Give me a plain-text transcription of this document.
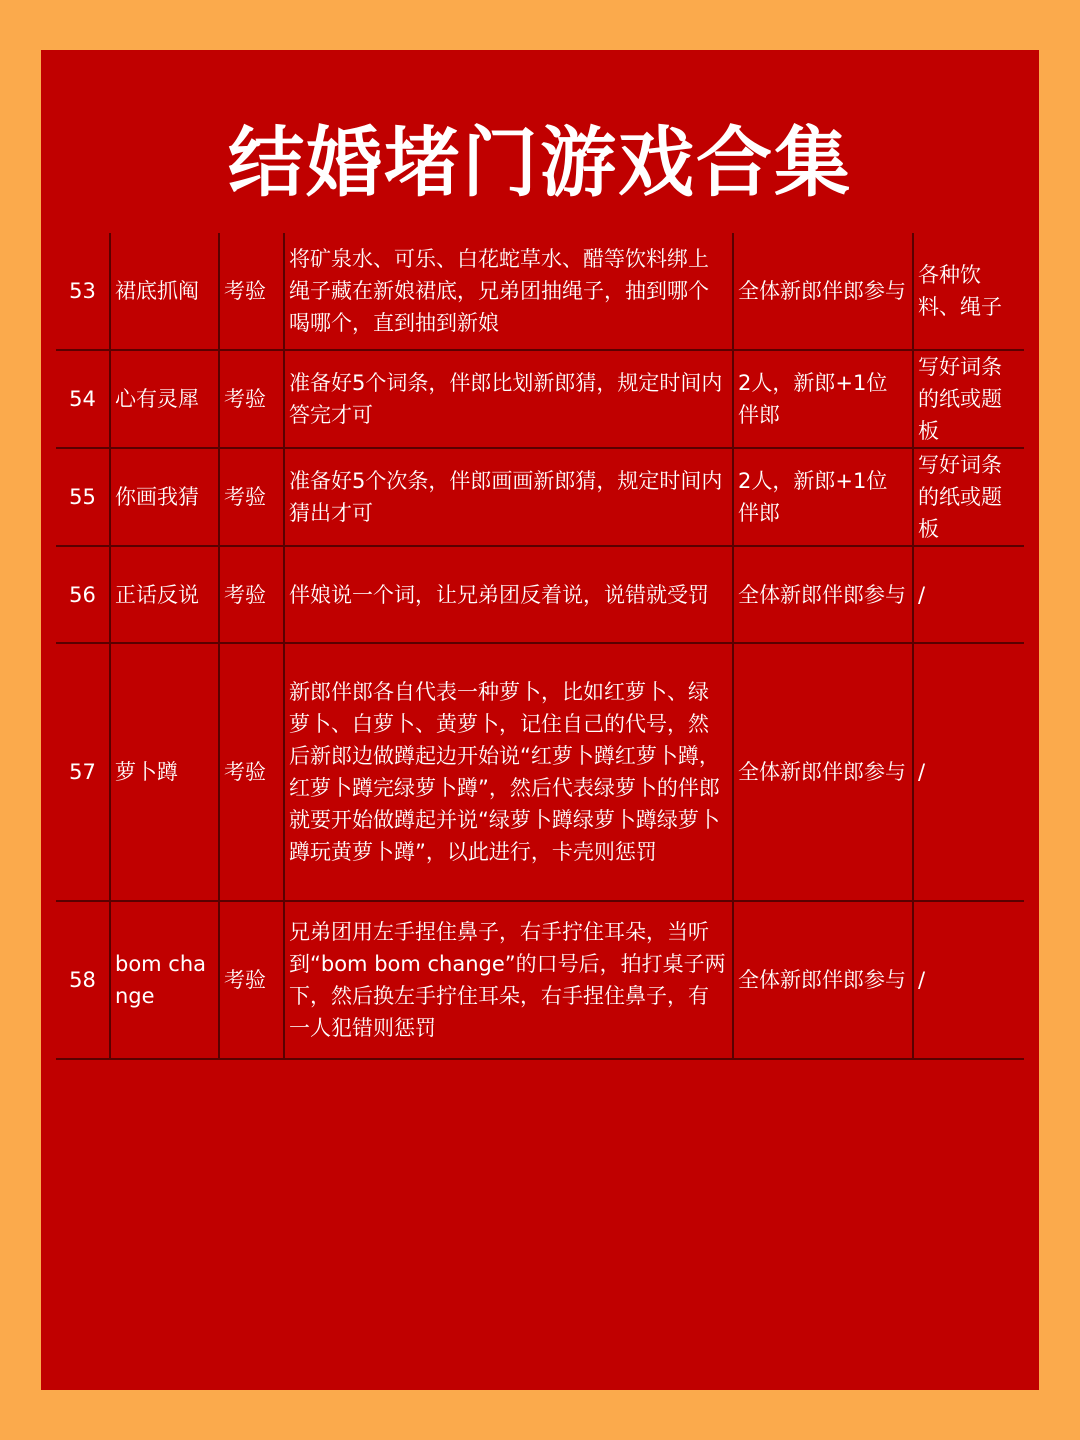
结婚堵门游戏合集
53	裙底抓阄	考验	将矿泉水、可乐、白花蛇草水、醋等饮料绑上绳子藏在新娘裙底，兄弟团抽绳子，抽到哪个喝哪个，直到抽到新娘	全体新郎伴郎参与	各种饮料、绳子
54	心有灵犀	考验	准备好5个词条，伴郎比划新郎猜，规定时间内答完才可	2人，新郎+1位伴郎	写好词条的纸或题板
55	你画我猜	考验	准备好5个次条，伴郎画画新郎猜，规定时间内猜出才可	2人，新郎+1位伴郎	写好词条的纸或题板
56	正话反说	考验	伴娘说一个词，让兄弟团反着说，说错就受罚	全体新郎伴郎参与	/
57	萝卜蹲	考验	新郎伴郎各自代表一种萝卜，比如红萝卜、绿萝卜、白萝卜、黄萝卜，记住自己的代号，然后新郎边做蹲起边开始说“红萝卜蹲红萝卜蹲，红萝卜蹲完绿萝卜蹲”，然后代表绿萝卜的伴郎就要开始做蹲起并说“绿萝卜蹲绿萝卜蹲绿萝卜蹲玩黄萝卜蹲”，以此进行，卡壳则惩罚	全体新郎伴郎参与	/
58	bom change	考验	兄弟团用左手捏住鼻子，右手拧住耳朵，当听到“bom bom change”的口号后，拍打桌子两下，然后换左手拧住耳朵，右手捏住鼻子，有一人犯错则惩罚	全体新郎伴郎参与	/
